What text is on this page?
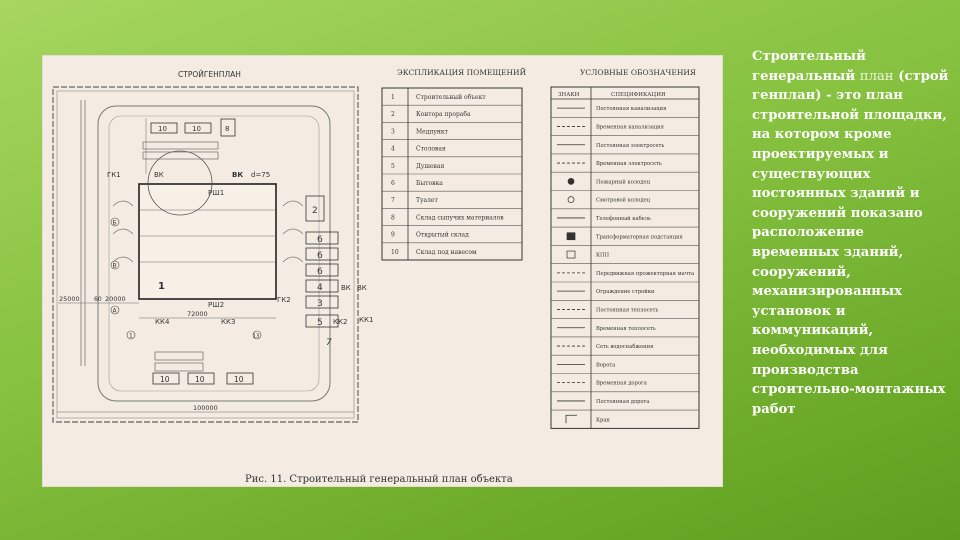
СТРОЙГЕНПЛАН
1
10	10	8
ГК1	ВК	ВК d=75
РШ1
РШ2
ГК2
КК4	КК3	КК2 КК1
ВК ВК
Б
В
А
1	13
25000 60 20000
72000
100000
2
6
6
6
4
3
5
7
10	10	10
ЭКСПЛИКАЦИЯ ПОМЕЩЕНИЙ
1	Строительный объект
2	Контора прораба
3	Медпункт
4	Столовая
5	Душевая
6	Бытовка
7	Туалет
8	Склад сыпучих материалов
9	Открытый склад
10	Склад под навесом
УСЛОВНЫЕ ОБОЗНАЧЕНИЯ
ЗНАКИ	СПЕЦИФИКАЦИЯ
Постоянная канализация
Временная канализация
Постоянная электросеть
Временная электросеть
Пожарный колодец
Смотровой колодец
Телефонный кабель
Трансформаторная подстанция
КПП
Передвижная прожекторная мачта
Ограждение стройки
Постоянная теплосеть
Временная теплосеть
Сеть водоснабжения
Ворота
Временная дорога
Постоянная дорога
Кран
Рис. 11. Строительный генеральный план объекта
Строительный генеральный план (строй генплан) - это план строительной площадки, на котором кроме проектируемых и существующих постоянных зданий и сооружений показано расположение временных зданий, сооружений, механизированных установок и коммуникаций, необходимых для производства строительно-монтажных работ
